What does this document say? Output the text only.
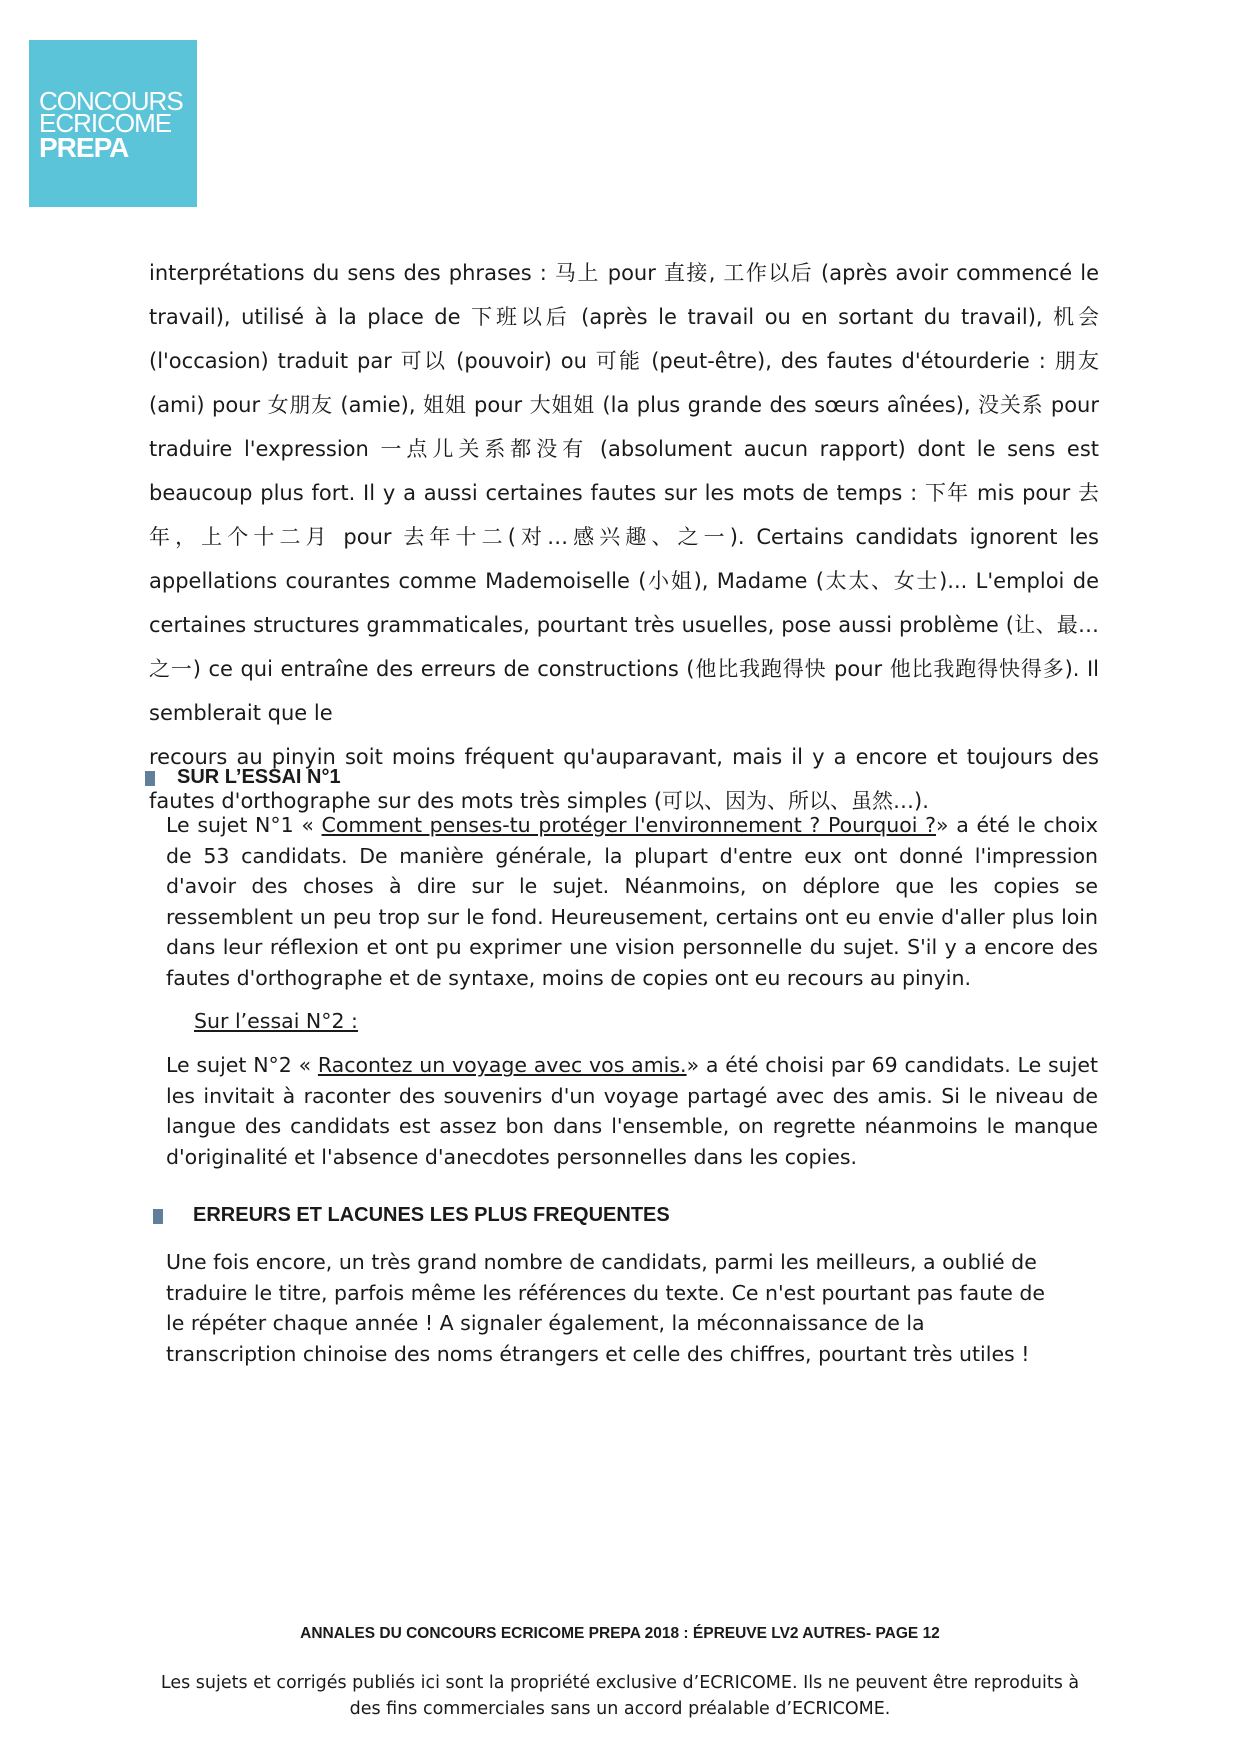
CONCOURS
ECRICOME
PREPA

interprétations du sens des phrases : 马上 pour 直接, 工作以后 (après avoir commencé le travail), utilisé à la place de 下班以后 (après le travail ou en sortant du travail), 机会 (l'occasion) traduit par 可以 (pouvoir) ou 可能 (peut-être), des fautes d'étourderie : 朋友 (ami) pour 女朋友 (amie), 姐姐 pour 大姐姐 (la plus grande des sœurs aînées), 没关系 pour traduire l'expression 一点儿关系都没有 (absolument aucun rapport) dont le sens est beaucoup plus fort. Il y a aussi certaines fautes sur les mots de temps : 下年 mis pour 去年，上个十二月 pour 去年十二(对…感兴趣、之一). Certains candidats ignorent les appellations courantes comme Mademoiselle (小姐), Madame (太太、女士)... L'emploi de certaines structures grammaticales, pourtant très usuelles, pose aussi problème (让、最… 之一) ce qui entraîne des erreurs de constructions (他比我跑得快 pour 他比我跑得快得多). Il semblerait que le
recours au pinyin soit moins fréquent qu'auparavant, mais il y a encore et toujours des fautes d'orthographe sur des mots très simples (可以、因为、所以、虽然…).

SUR L’ESSAI N°1

Le sujet N°1 « Comment penses-tu protéger l'environnement ? Pourquoi ?» a été le choix de 53 candidats. De manière générale, la plupart d'entre eux ont donné l'impression d'avoir des choses à dire sur le sujet. Néanmoins, on déplore que les copies se ressemblent un peu trop sur le fond. Heureusement, certains ont eu envie d'aller plus loin dans leur réflexion et ont pu exprimer une vision personnelle du sujet. S'il y a encore des fautes d'orthographe et de syntaxe, moins de copies ont eu recours au pinyin.

Sur l’essai N°2 :

Le sujet N°2 « Racontez un voyage avec vos amis.» a été choisi par 69 candidats. Le sujet les invitait à raconter des souvenirs d'un voyage partagé avec des amis. Si le niveau de langue des candidats est assez bon dans l'ensemble, on regrette néanmoins le manque d'originalité et l'absence d'anecdotes personnelles dans les copies.

ERREURS ET LACUNES LES PLUS FREQUENTES

Une fois encore, un très grand nombre de candidats, parmi les meilleurs, a oublié de traduire le titre, parfois même les références du texte. Ce n'est pourtant pas faute de le répéter chaque année ! A signaler également, la méconnaissance de la transcription chinoise des noms étrangers et celle des chiffres, pourtant très utiles !

ANNALES DU CONCOURS ECRICOME PREPA 2018 : ÉPREUVE LV2 AUTRES- PAGE 12
Les sujets et corrigés publiés ici sont la propriété exclusive d’ECRICOME. Ils ne peuvent être reproduits à des fins commerciales sans un accord préalable d’ECRICOME.
